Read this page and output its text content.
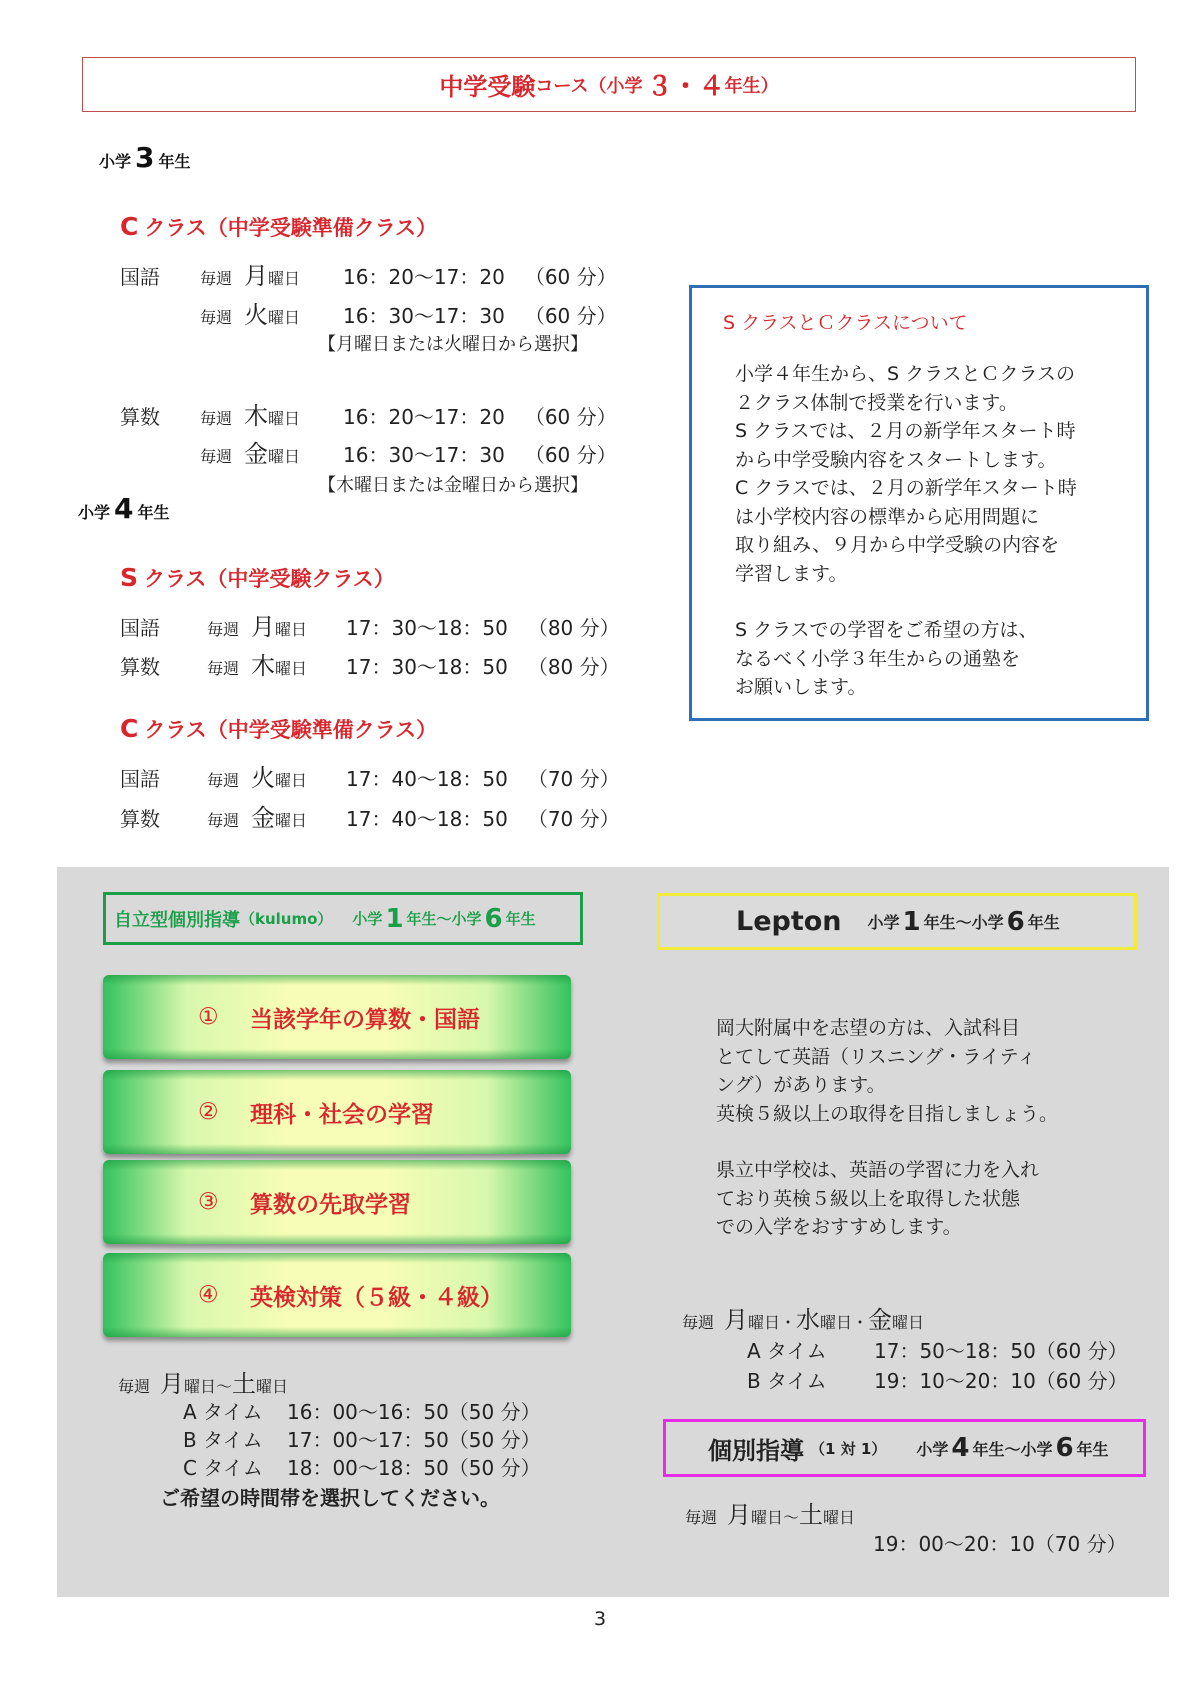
中学受験 コース （小学 ３ ・ ４ 年生）
小学 3 年生
C クラス（中学受験準備クラス）
国語	毎週 月曜日 16：20～17：20 （60 分）
毎週 火曜日 16：30～17：30 （60 分）
【月曜日または火曜日から選択】
算数	毎週 木曜日 16：20～17：20 （60 分）
毎週 金曜日 16：30～17：30 （60 分）
【木曜日または金曜日から選択】
小学 4 年生
S クラス（中学受験クラス）
国語	毎週 月曜日 17：30～18：50 （80 分）
算数	毎週 木曜日 17：30～18：50 （80 分）
C クラス（中学受験準備クラス）
国語	毎週 火曜日 17：40～18：50 （70 分）
算数	毎週 金曜日 17：40～18：50 （70 分）
S クラスとＣクラスについて
小学４年生から、S クラスとＣクラスの
２クラス体制で授業を行います。
S クラスでは、２月の新学年スタート時
から中学受験内容をスタートします。
C クラスでは、２月の新学年スタート時
は小学校内容の標準から応用問題に
取り組み、９月から中学受験の内容を
学習します。
S クラスでの学習をご希望の方は、
なるべく小学３年生からの通塾を
お願いします。
自立型個別指導 （kulumo） 小学 1 年生～小学 6 年生
①	当該学年の算数・国語
②	理科・社会の学習
③	算数の先取学習
④	英検対策（５級・４級）
毎週 月曜日～土曜日
A タイム 16：00～16：50（50 分）
B タイム 17：00～17：50（50 分）
C タイム 18：00～18：50（50 分）
ご希望の時間帯を選択してください。
Lepton 小学 1 年生～小学 6 年生
岡大附属中を志望の方は、入試科目
とてして英語（リスニング・ライティ
ング）があります。
英検５級以上の取得を目指しましょう。
県立中学校は、英語の学習に力を入れ
ており英検５級以上を取得した状態
での入学をおすすめします。
毎週 月曜日・水曜日・金曜日
A タイム 17：50～18：50（60 分）
B タイム 19：10～20：10（60 分）
個別指導 （1 対 1） 小学 4 年生～小学 6 年生
毎週 月曜日～土曜日
19：00～20：10（70 分）
3
